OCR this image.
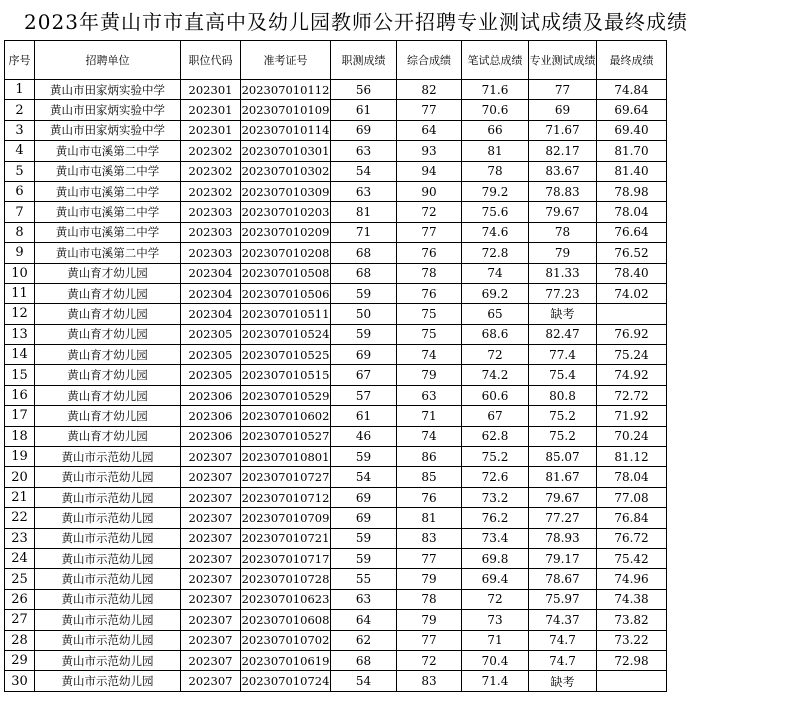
2023年黄山市市直高中及幼儿园教师公开招聘专业测试成绩及最终成绩
序号	招聘单位	职位代码	准考证号	职测成绩	综合成绩	笔试总成绩	专业测试成绩	最终成绩
1	黄山市田家炳实验中学	202301	202307010112	56	82	71.6	77	74.84
2	黄山市田家炳实验中学	202301	202307010109	61	77	70.6	69	69.64
3	黄山市田家炳实验中学	202301	202307010114	69	64	66	71.67	69.40
4	黄山市屯溪第二中学	202302	202307010301	63	93	81	82.17	81.70
5	黄山市屯溪第二中学	202302	202307010302	54	94	78	83.67	81.40
6	黄山市屯溪第二中学	202302	202307010309	63	90	79.2	78.83	78.98
7	黄山市屯溪第二中学	202303	202307010203	81	72	75.6	79.67	78.04
8	黄山市屯溪第二中学	202303	202307010209	71	77	74.6	78	76.64
9	黄山市屯溪第二中学	202303	202307010208	68	76	72.8	79	76.52
10	黄山育才幼儿园	202304	202307010508	68	78	74	81.33	78.40
11	黄山育才幼儿园	202304	202307010506	59	76	69.2	77.23	74.02
12	黄山育才幼儿园	202304	202307010511	50	75	65	缺考	
13	黄山育才幼儿园	202305	202307010524	59	75	68.6	82.47	76.92
14	黄山育才幼儿园	202305	202307010525	69	74	72	77.4	75.24
15	黄山育才幼儿园	202305	202307010515	67	79	74.2	75.4	74.92
16	黄山育才幼儿园	202306	202307010529	57	63	60.6	80.8	72.72
17	黄山育才幼儿园	202306	202307010602	61	71	67	75.2	71.92
18	黄山育才幼儿园	202306	202307010527	46	74	62.8	75.2	70.24
19	黄山市示范幼儿园	202307	202307010801	59	86	75.2	85.07	81.12
20	黄山市示范幼儿园	202307	202307010727	54	85	72.6	81.67	78.04
21	黄山市示范幼儿园	202307	202307010712	69	76	73.2	79.67	77.08
22	黄山市示范幼儿园	202307	202307010709	69	81	76.2	77.27	76.84
23	黄山市示范幼儿园	202307	202307010721	59	83	73.4	78.93	76.72
24	黄山市示范幼儿园	202307	202307010717	59	77	69.8	79.17	75.42
25	黄山市示范幼儿园	202307	202307010728	55	79	69.4	78.67	74.96
26	黄山市示范幼儿园	202307	202307010623	63	78	72	75.97	74.38
27	黄山市示范幼儿园	202307	202307010608	64	79	73	74.37	73.82
28	黄山市示范幼儿园	202307	202307010702	62	77	71	74.7	73.22
29	黄山市示范幼儿园	202307	202307010619	68	72	70.4	74.7	72.98
30	黄山市示范幼儿园	202307	202307010724	54	83	71.4	缺考	
